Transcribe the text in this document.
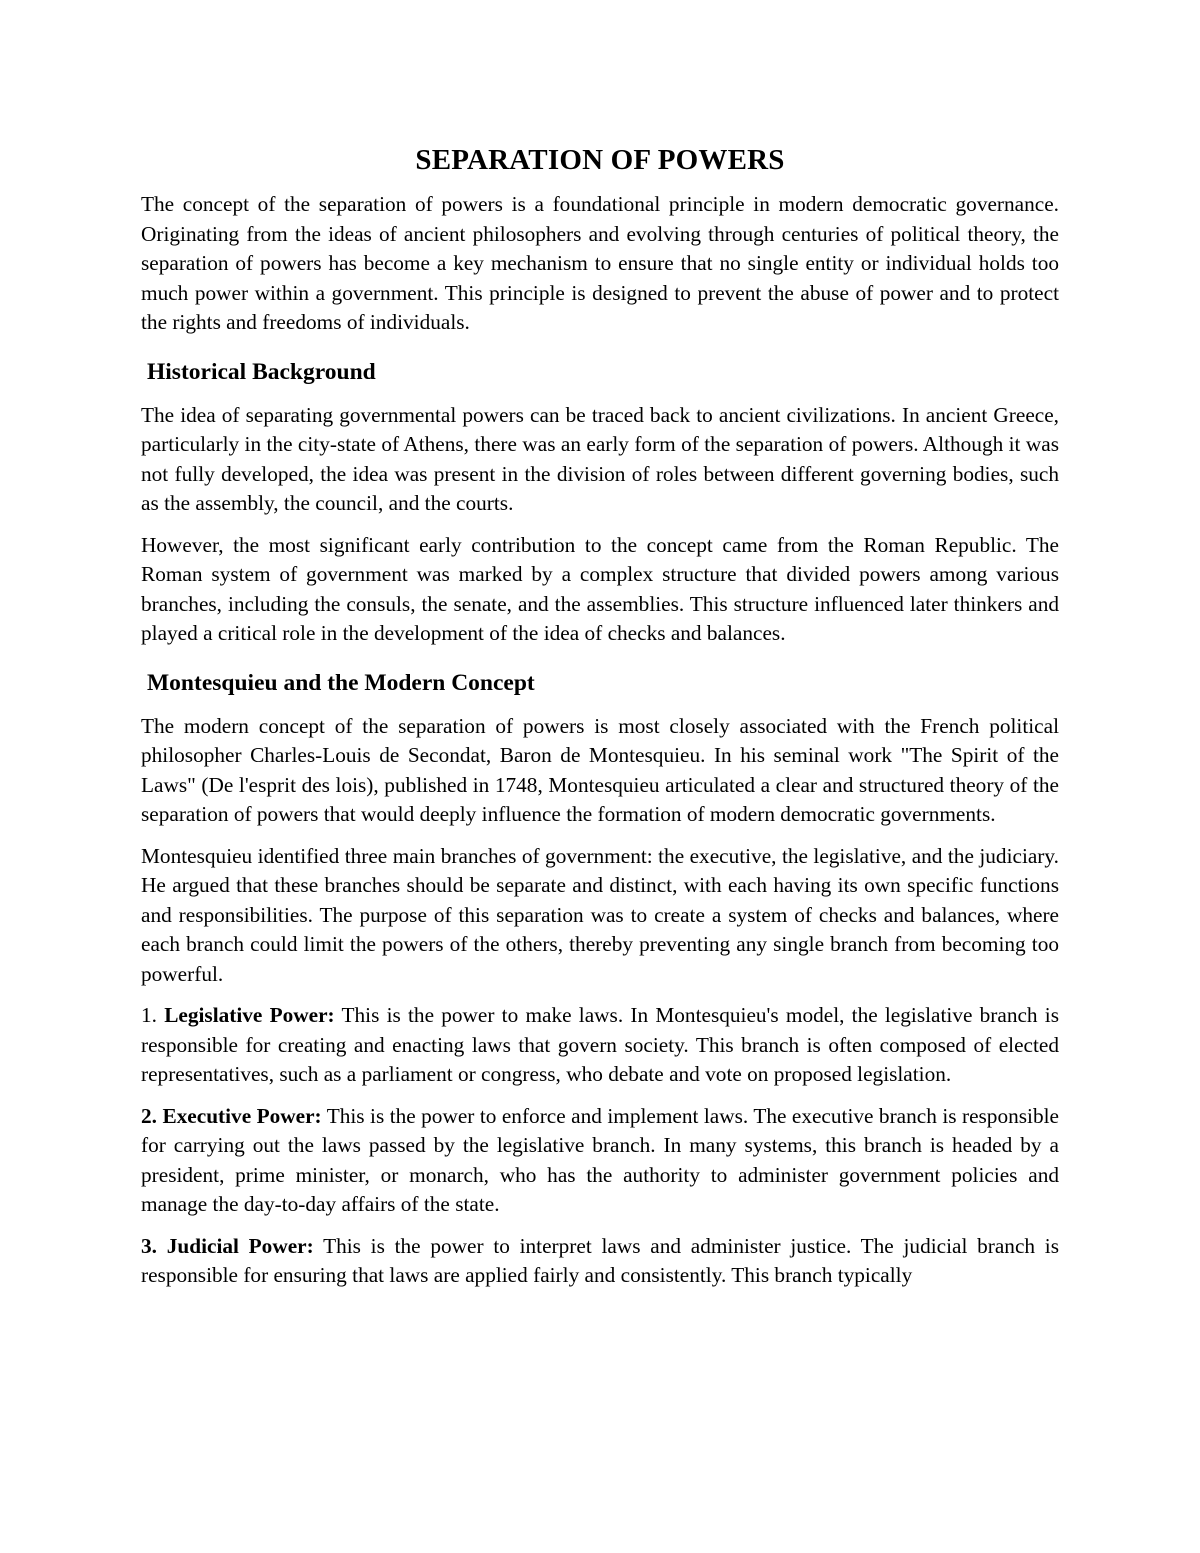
SEPARATION OF POWERS

The concept of the separation of powers is a foundational principle in modern democratic governance. Originating from the ideas of ancient philosophers and evolving through centuries of political theory, the separation of powers has become a key mechanism to ensure that no single entity or individual holds too much power within a government. This principle is designed to prevent the abuse of power and to protect the rights and freedoms of individuals.

Historical Background

The idea of separating governmental powers can be traced back to ancient civilizations. In ancient Greece, particularly in the city-state of Athens, there was an early form of the separation of powers. Although it was not fully developed, the idea was present in the division of roles between different governing bodies, such as the assembly, the council, and the courts.

However, the most significant early contribution to the concept came from the Roman Republic. The Roman system of government was marked by a complex structure that divided powers among various branches, including the consuls, the senate, and the assemblies. This structure influenced later thinkers and played a critical role in the development of the idea of checks and balances.

Montesquieu and the Modern Concept

The modern concept of the separation of powers is most closely associated with the French political philosopher Charles-Louis de Secondat, Baron de Montesquieu. In his seminal work "The Spirit of the Laws" (De l'esprit des lois), published in 1748, Montesquieu articulated a clear and structured theory of the separation of powers that would deeply influence the formation of modern democratic governments.

Montesquieu identified three main branches of government: the executive, the legislative, and the judiciary. He argued that these branches should be separate and distinct, with each having its own specific functions and responsibilities. The purpose of this separation was to create a system of checks and balances, where each branch could limit the powers of the others, thereby preventing any single branch from becoming too powerful.

1. Legislative Power: This is the power to make laws. In Montesquieu's model, the legislative branch is responsible for creating and enacting laws that govern society. This branch is often composed of elected representatives, such as a parliament or congress, who debate and vote on proposed legislation.

2. Executive Power: This is the power to enforce and implement laws. The executive branch is responsible for carrying out the laws passed by the legislative branch. In many systems, this branch is headed by a president, prime minister, or monarch, who has the authority to administer government policies and manage the day-to-day affairs of the state.

3. Judicial Power: This is the power to interpret laws and administer justice. The judicial branch is responsible for ensuring that laws are applied fairly and consistently. This branch typically
